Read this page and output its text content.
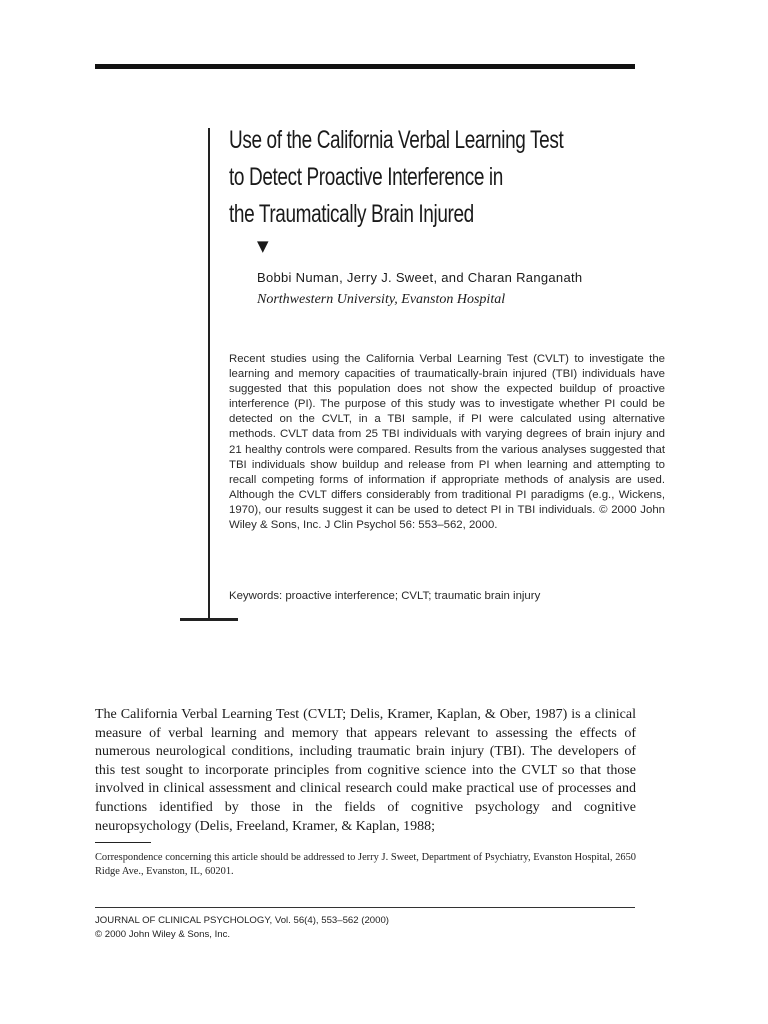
Use of the California Verbal Learning Test
to Detect Proactive Interference in
the Traumatically Brain Injured
▼
Bobbi Numan, Jerry J. Sweet, and Charan Ranganath
Northwestern University, Evanston Hospital
Recent studies using the California Verbal Learning Test (CVLT) to investigate the learning and memory capacities of traumatically-brain injured (TBI) individuals have suggested that this population does not show the expected buildup of proactive interference (PI). The purpose of this study was to investigate whether PI could be detected on the CVLT, in a TBI sample, if PI were calculated using alternative methods. CVLT data from 25 TBI individuals with varying degrees of brain injury and 21 healthy controls were compared. Results from the various analyses suggested that TBI individuals show buildup and release from PI when learning and attempting to recall competing forms of information if appropriate methods of analysis are used. Although the CVLT differs considerably from traditional PI paradigms (e.g., Wickens, 1970), our results suggest it can be used to detect PI in TBI individuals. © 2000 John Wiley & Sons, Inc. J Clin Psychol 56: 553–562, 2000.
Keywords: proactive interference; CVLT; traumatic brain injury
The California Verbal Learning Test (CVLT; Delis, Kramer, Kaplan, & Ober, 1987) is a clinical measure of verbal learning and memory that appears relevant to assessing the effects of numerous neurological conditions, including traumatic brain injury (TBI). The developers of this test sought to incorporate principles from cognitive science into the CVLT so that those involved in clinical assessment and clinical research could make practical use of processes and functions identified by those in the fields of cognitive psychology and cognitive neuropsychology (Delis, Freeland, Kramer, & Kaplan, 1988;
Correspondence concerning this article should be addressed to Jerry J. Sweet, Department of Psychiatry, Evanston Hospital, 2650 Ridge Ave., Evanston, IL, 60201.
JOURNAL OF CLINICAL PSYCHOLOGY, Vol. 56(4), 553–562 (2000)
© 2000 John Wiley & Sons, Inc.
